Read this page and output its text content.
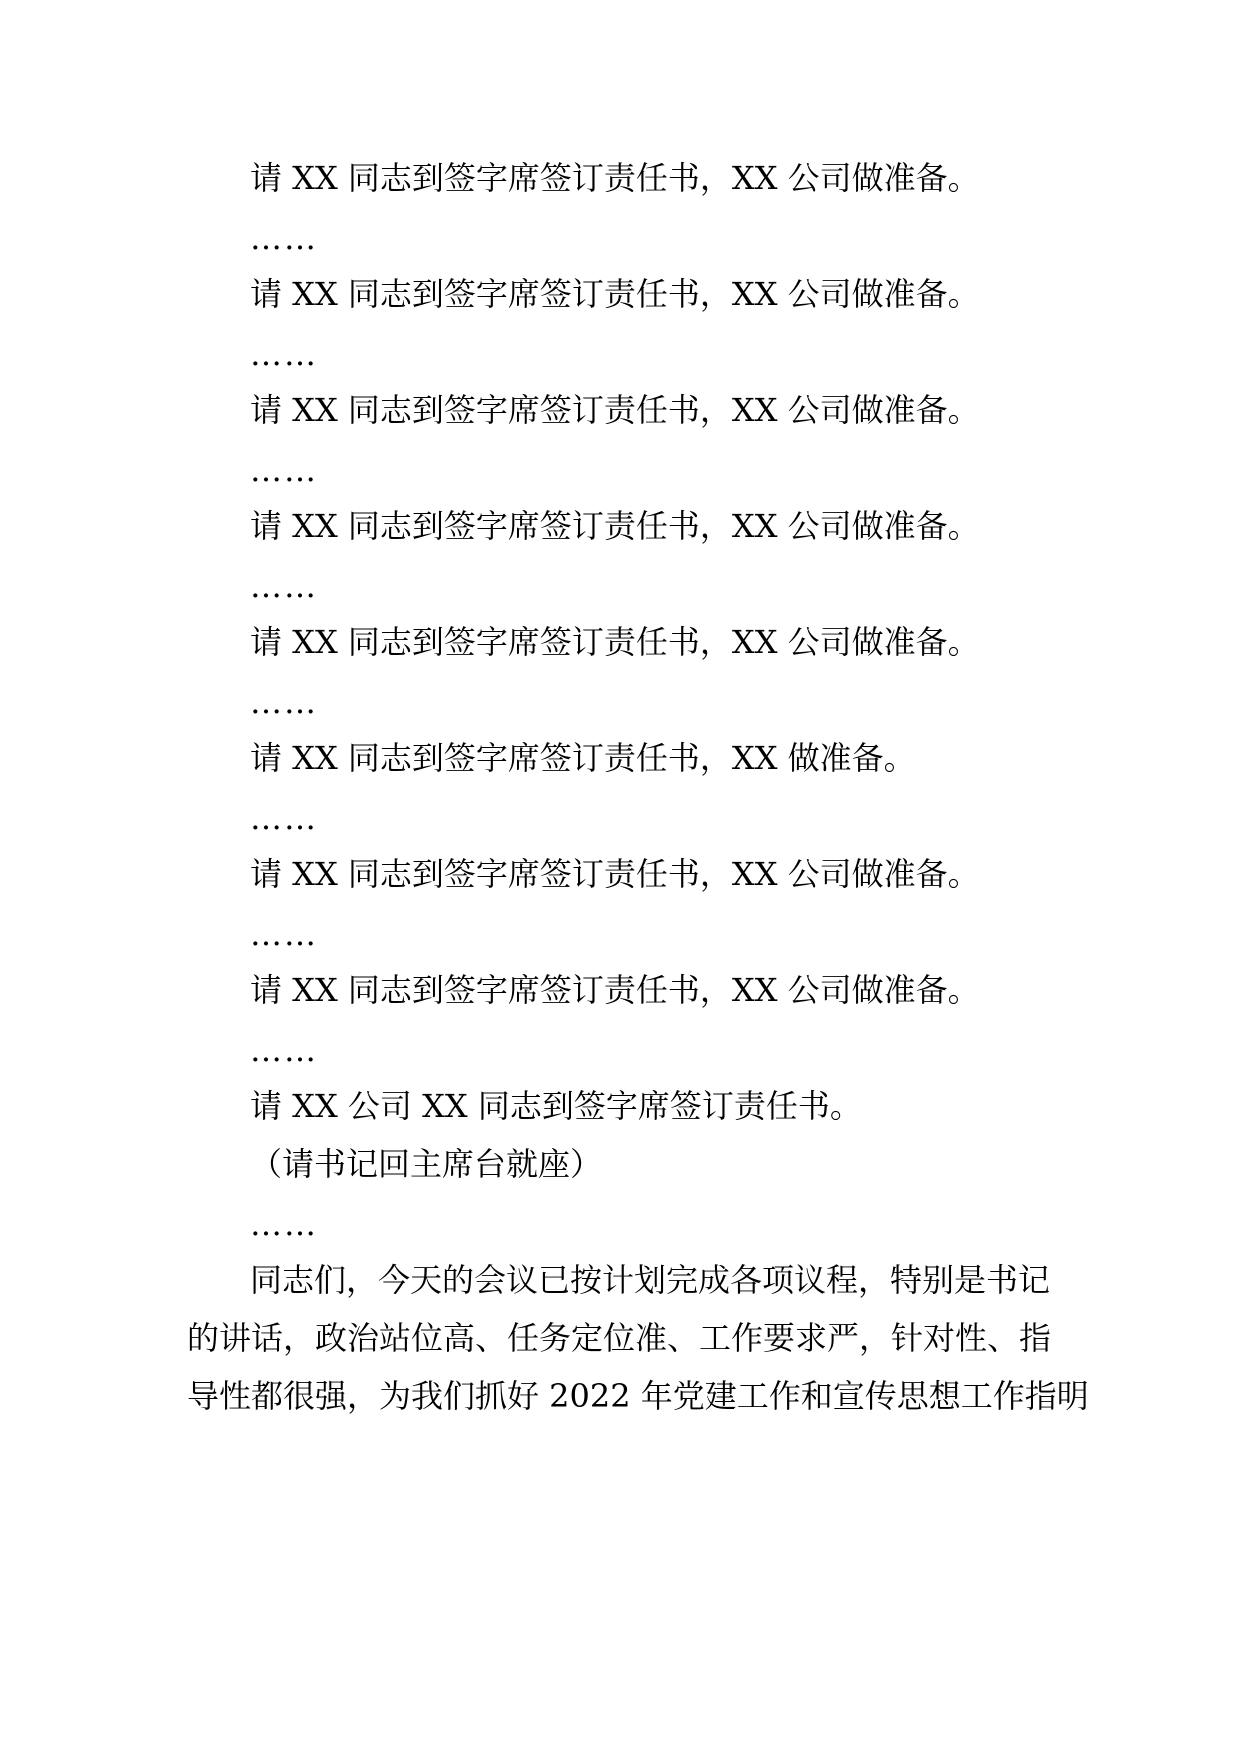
请 XX 同志到签字席签订责任书，XX 公司做准备。
……
请 XX 同志到签字席签订责任书，XX 公司做准备。
……
请 XX 同志到签字席签订责任书，XX 公司做准备。
……
请 XX 同志到签字席签订责任书，XX 公司做准备。
……
请 XX 同志到签字席签订责任书，XX 公司做准备。
……
请 XX 同志到签字席签订责任书，XX 做准备。
……
请 XX 同志到签字席签订责任书，XX 公司做准备。
……
请 XX 同志到签字席签订责任书，XX 公司做准备。
……
请 XX 公司 XX 同志到签字席签订责任书。
（请书记回主席台就座）
……
同志们，今天的会议已按计划完成各项议程，特别是书记
的讲话，政治站位高、任务定位准、工作要求严，针对性、指
导性都很强，为我们抓好 2022 年党建工作和宣传思想工作指明
